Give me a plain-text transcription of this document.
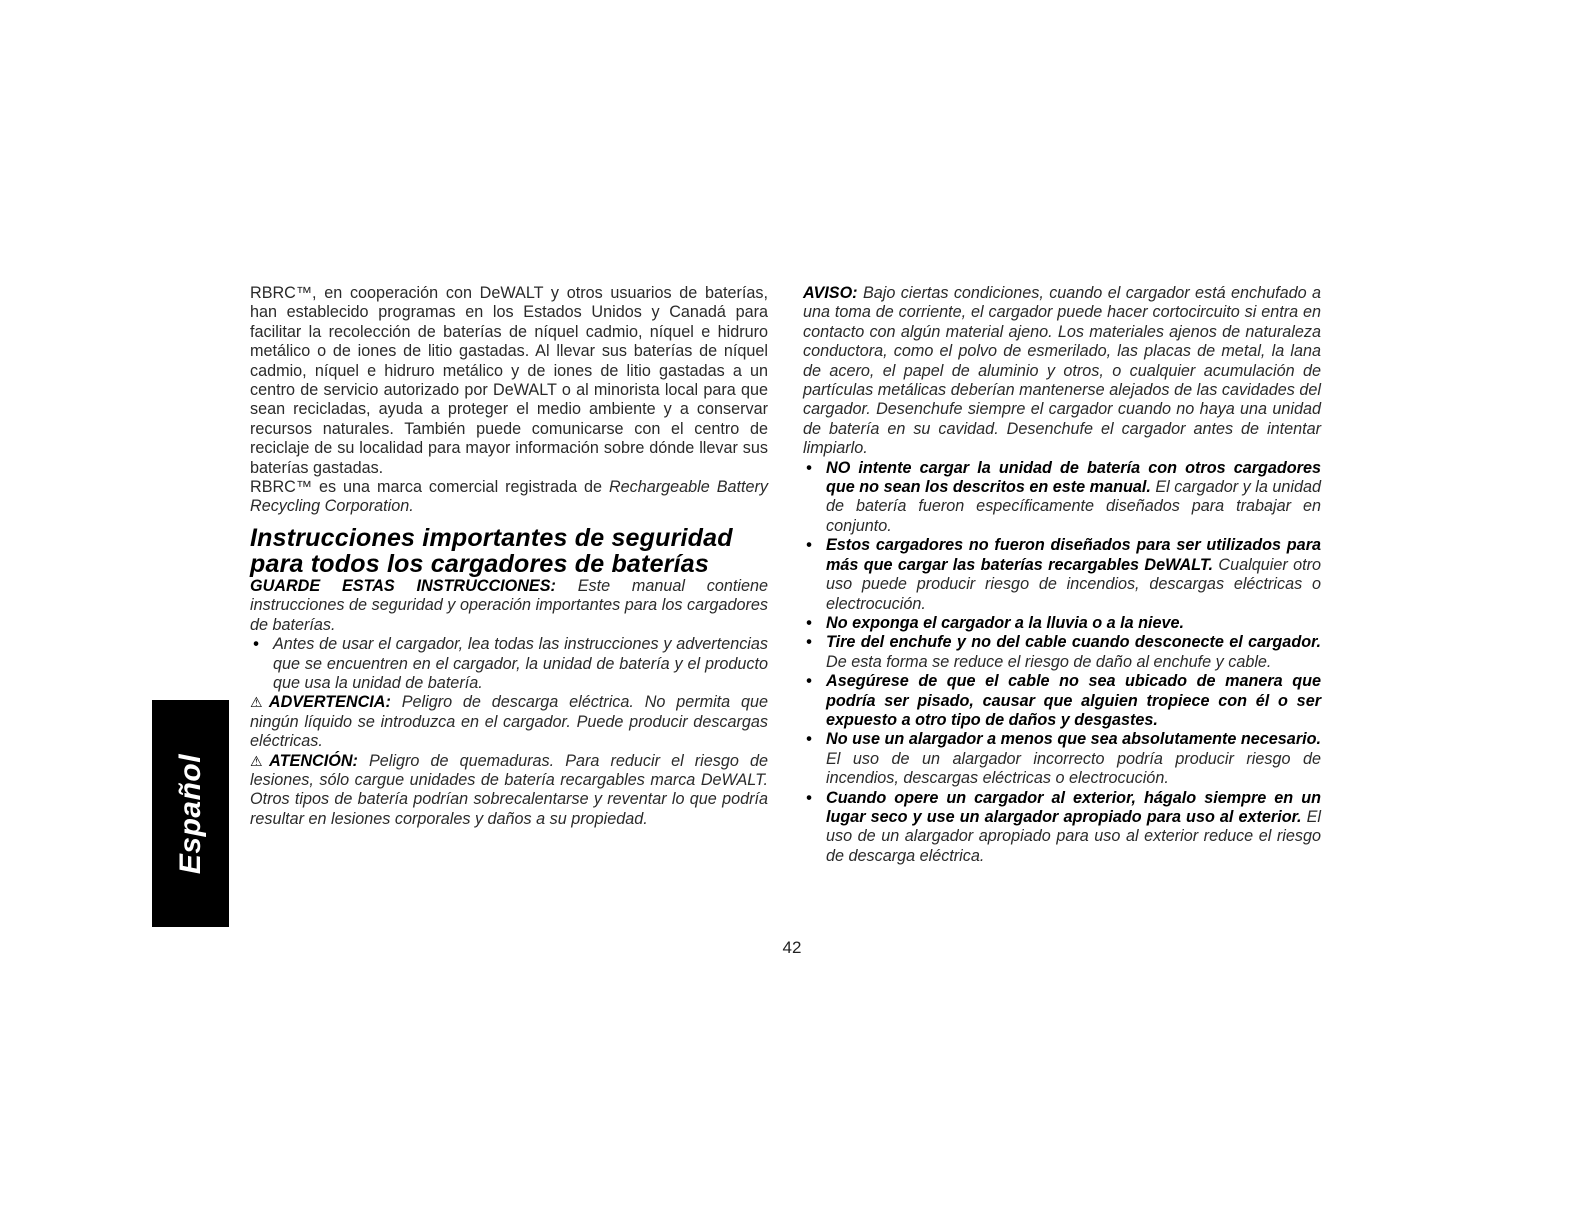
Español

RBRC™, en cooperación con DeWALT y otros usuarios de baterías, han establecido programas en los Estados Unidos y Canadá para facilitar la recolección de baterías de níquel cadmio, níquel e hidruro metálico o de iones de litio gastadas. Al llevar sus baterías de níquel cadmio, níquel e hidruro metálico y de iones de litio gastadas a un centro de servicio autorizado por DeWALT o al minorista local para que sean recicladas, ayuda a proteger el medio ambiente y a conservar recursos naturales. También puede comunicarse con el centro de reciclaje de su localidad para mayor información sobre dónde llevar sus baterías gastadas.

RBRC™ es una marca comercial registrada de Rechargeable Battery Recycling Corporation.

Instrucciones importantes de seguridad para todos los cargadores de baterías

GUARDE ESTAS INSTRUCCIONES: Este manual contiene instrucciones de seguridad y operación importantes para los cargadores de baterías.

• Antes de usar el cargador, lea todas las instrucciones y advertencias que se encuentren en el cargador, la unidad de batería y el producto que usa la unidad de batería.

⚠ADVERTENCIA: Peligro de descarga eléctrica. No permita que ningún líquido se introduzca en el cargador. Puede producir descargas eléctricas.

⚠ATENCIÓN: Peligro de quemaduras. Para reducir el riesgo de lesiones, sólo cargue unidades de batería recargables marca DeWALT. Otros tipos de batería podrían sobrecalentarse y reventar lo que podría resultar en lesiones corporales y daños a su propiedad.

AVISO: Bajo ciertas condiciones, cuando el cargador está enchufado a una toma de corriente, el cargador puede hacer cortocircuito si entra en contacto con algún material ajeno. Los materiales ajenos de naturaleza conductora, como el polvo de esmerilado, las placas de metal, la lana de acero, el papel de aluminio y otros, o cualquier acumulación de partículas metálicas deberían mantenerse alejados de las cavidades del cargador. Desenchufe siempre el cargador cuando no haya una unidad de batería en su cavidad. Desenchufe el cargador antes de intentar limpiarlo.

• NO intente cargar la unidad de batería con otros cargadores que no sean los descritos en este manual. El cargador y la unidad de batería fueron específicamente diseñados para trabajar en conjunto.
• Estos cargadores no fueron diseñados para ser utilizados para más que cargar las baterías recargables DeWALT. Cualquier otro uso puede producir riesgo de incendios, descargas eléctricas o electrocución.
• No exponga el cargador a la lluvia o a la nieve.
• Tire del enchufe y no del cable cuando desconecte el cargador. De esta forma se reduce el riesgo de daño al enchufe y cable.
• Asegúrese de que el cable no sea ubicado de manera que podría ser pisado, causar que alguien tropiece con él o ser expuesto a otro tipo de daños y desgastes.
• No use un alargador a menos que sea absolutamente necesario. El uso de un alargador incorrecto podría producir riesgo de incendios, descargas eléctricas o electrocución.
• Cuando opere un cargador al exterior, hágalo siempre en un lugar seco y use un alargador apropiado para uso al exterior. El uso de un alargador apropiado para uso al exterior reduce el riesgo de descarga eléctrica.
42
